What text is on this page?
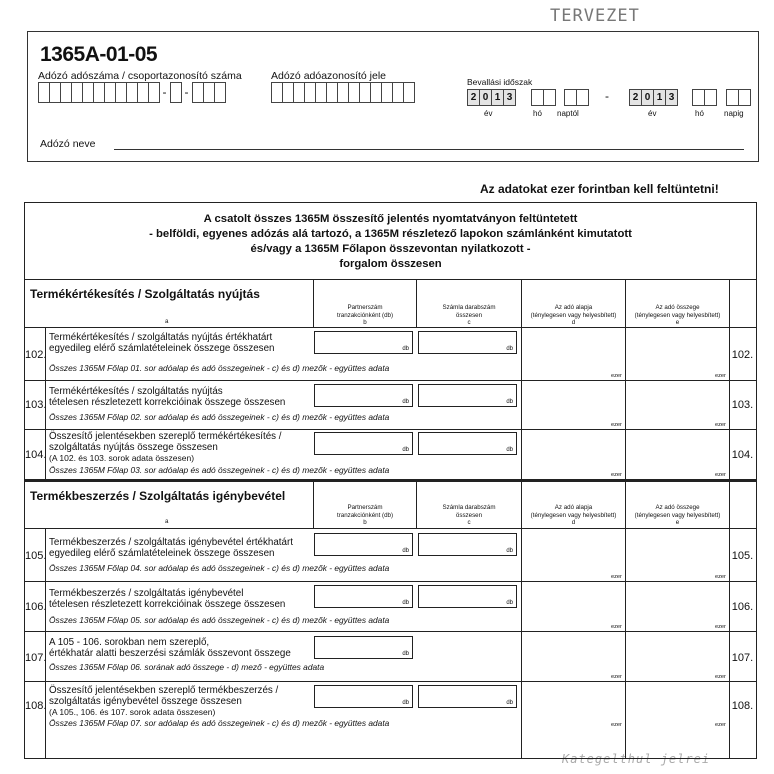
TERVEZET
Kategelthul jelrei
1365A-01-05
Adózó adószáma / csoportazonosító száma
- -
Adózó adóazonosító jele	Bevallási időszak
2 0 1 3	-	2 0 1 3
év	hó naptól	év	hó	napig
Adózó neve
Az adatokat ezer forintban kell feltüntetni!
A csatolt összes 1365M összesítő jelentés nyomtatványon feltüntetett
- belföldi, egyenes adózás alá tartozó, a 1365M részletező lapokon számlánként kimutatott
és/vagy a 1365M Főlapon összevontan nyilatkozott -
forgalom összesen
Termékértékesítés / Szolgáltatás nyújtás
a
Partnerszám
tranzakciónként (db)
b
Számla darabszám
összesen
c
Az adó alapja
(ténylegesen vagy helyesbített)
d
Az adó összege
(ténylegesen vagy helyesbített)
e
102.
Termékértékesítés / szolgáltatás nyújtás értékhatárt
egyedileg elérő számlatételeinek összege összesen
Összes 1365M Főlap 01. sor adóalap és adó összegeinek - c) és d) mezők - együttes adata
db	db
ezer	ezer
102.
103.
Termékértékesítés / szolgáltatás nyújtás
tételesen részletezett korrekcióinak összege összesen
Összes 1365M Főlap 02. sor adóalap és adó összegeinek - c) és d) mezők - együttes adata
db	db
ezer	ezer
103.
104.
Összesítő jelentésekben szereplő termékértékesítés /
szolgáltatás nyújtás összege összesen
(A 102. és 103. sorok adata összesen)
Összes 1365M Főlap 03. sor adóalap és adó összegeinek - c) és d) mezők - együttes adata
db	db
ezer	ezer
104.
Termékbeszerzés / Szolgáltatás igénybevétel
a
Partnerszám
tranzakciónként (db)
b
Számla darabszám
összesen
c
Az adó alapja
(ténylegesen vagy helyesbített)
d
Az adó összege
(ténylegesen vagy helyesbített)
e
105.
Termékbeszerzés / szolgáltatás igénybevétel értékhatárt
egyedileg elérő számlatételeinek összege összesen
Összes 1365M Főlap 04. sor adóalap és adó összegeinek - c) és d) mezők - együttes adata
db	db
ezer	ezer
105.
106.
Termékbeszerzés / szolgáltatás igénybevétel
tételesen részletezett korrekcióinak összege összesen
Összes 1365M Főlap 05. sor adóalap és adó összegeinek - c) és d) mezők - együttes adata
db	db
ezer	ezer
106.
107.
A 105 - 106. sorokban nem szereplő,
értékhatár alatti beszerzési számlák összevont összege
Összes 1365M Főlap 06. sorának adó összege - d) mező - együttes adata
db
ezer	ezer
107.
108.
Összesítő jelentésekben szereplő termékbeszerzés /
szolgáltatás igénybevétel összege összesen
(A 105., 106. és 107. sorok adata összesen)
Összes 1365M Főlap 07. sor adóalap és adó összegeinek - c) és d) mezők - együttes adata
db	db
ezer	ezer
108.
